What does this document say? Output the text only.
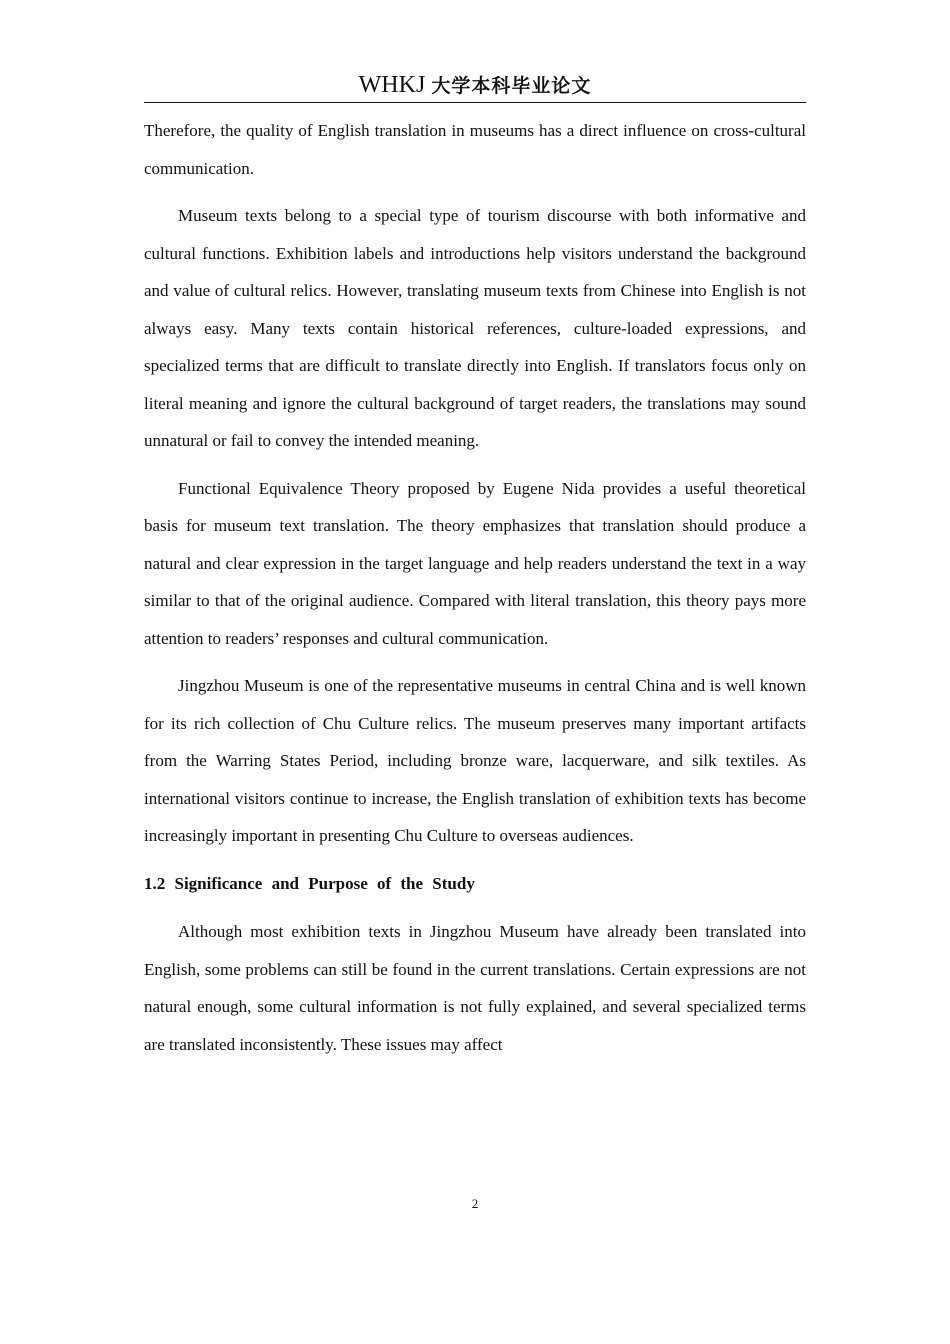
WHKJ 大学本科毕业论文

Therefore, the quality of English translation in museums has a direct influence on cross-cultural communication.

Museum texts belong to a special type of tourism discourse with both informative and cultural functions. Exhibition labels and introductions help visitors understand the background and value of cultural relics. However, translating museum texts from Chinese into English is not always easy. Many texts contain historical references, culture-loaded expressions, and specialized terms that are difficult to translate directly into English. If translators focus only on literal meaning and ignore the cultural background of target readers, the translations may sound unnatural or fail to convey the intended meaning.

Functional Equivalence Theory proposed by Eugene Nida provides a useful theoretical basis for museum text translation. The theory emphasizes that translation should produce a natural and clear expression in the target language and help readers understand the text in a way similar to that of the original audience. Compared with literal translation, this theory pays more attention to readers’ responses and cultural communication.

Jingzhou Museum is one of the representative museums in central China and is well known for its rich collection of Chu Culture relics. The museum preserves many important artifacts from the Warring States Period, including bronze ware, lacquerware, and silk textiles. As international visitors continue to increase, the English translation of exhibition texts has become increasingly important in presenting Chu Culture to overseas audiences.

1.2 Significance and Purpose of the Study

Although most exhibition texts in Jingzhou Museum have already been translated into English, some problems can still be found in the current translations. Certain expressions are not natural enough, some cultural information is not fully explained, and several specialized terms are translated inconsistently. These issues may affect

2
